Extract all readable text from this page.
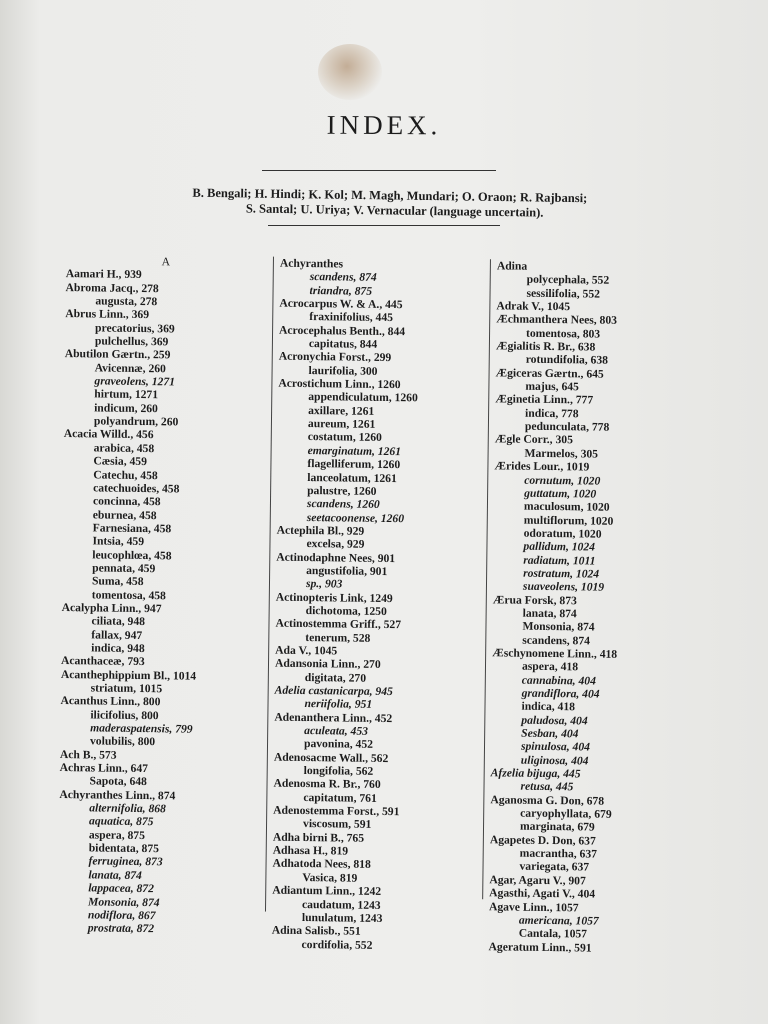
INDEX.
B. Bengali; H. Hindi; K. Kol; M. Magh, Mundari; O. Oraon; R. Rajbansi;
S. Santal; U. Uriya; V. Vernacular (language uncertain).
A
Aamari H., 939
Abroma Jacq., 278
augusta, 278
Abrus Linn., 369
precatorius, 369
pulchellus, 369
Abutilon Gærtn., 259
Avicennæ, 260
graveolens, 1271
hirtum, 1271
indicum, 260
polyandrum, 260
Acacia Willd., 456
arabica, 458
Cæsia, 459
Catechu, 458
catechuoides, 458
concinna, 458
eburnea, 458
Farnesiana, 458
Intsia, 459
leucophlœa, 458
pennata, 459
Suma, 458
tomentosa, 458
Acalypha Linn., 947
ciliata, 948
fallax, 947
indica, 948
Acanthaceæ, 793
Acanthephippium Bl., 1014
striatum, 1015
Acanthus Linn., 800
ilicifolius, 800
maderaspatensis, 799
volubilis, 800
Ach B., 573
Achras Linn., 647
Sapota, 648
Achyranthes Linn., 874
alternifolia, 868
aquatica, 875
aspera, 875
bidentata, 875
ferruginea, 873
lanata, 874
lappacea, 872
Monsonia, 874
nodiflora, 867
prostrata, 872
Achyranthes
scandens, 874
triandra, 875
Acrocarpus W. & A., 445
fraxinifolius, 445
Acrocephalus Benth., 844
capitatus, 844
Acronychia Forst., 299
laurifolia, 300
Acrostichum Linn., 1260
appendiculatum, 1260
axillare, 1261
aureum, 1261
costatum, 1260
emarginatum, 1261
flagelliferum, 1260
lanceolatum, 1261
palustre, 1260
scandens, 1260
seetacoonense, 1260
Actephila Bl., 929
excelsa, 929
Actinodaphne Nees, 901
angustifolia, 901
sp., 903
Actinopteris Link, 1249
dichotoma, 1250
Actinostemma Griff., 527
tenerum, 528
Ada V., 1045
Adansonia Linn., 270
digitata, 270
Adelia castanicarpa, 945
neriifolia, 951
Adenanthera Linn., 452
aculeata, 453
pavonina, 452
Adenosacme Wall., 562
longifolia, 562
Adenosma R. Br., 760
capitatum, 761
Adenostemma Forst., 591
viscosum, 591
Adha birni B., 765
Adhasa H., 819
Adhatoda Nees, 818
Vasica, 819
Adiantum Linn., 1242
caudatum, 1243
lunulatum, 1243
Adina Salisb., 551
cordifolia, 552
Adina
polycephala, 552
sessilifolia, 552
Adrak V., 1045
Æchmanthera Nees, 803
tomentosa, 803
Ægialitis R. Br., 638
rotundifolia, 638
Ægiceras Gærtn., 645
majus, 645
Æginetia Linn., 777
indica, 778
pedunculata, 778
Ægle Corr., 305
Marmelos, 305
Ærides Lour., 1019
cornutum, 1020
guttatum, 1020
maculosum, 1020
multiflorum, 1020
odoratum, 1020
pallidum, 1024
radiatum, 1011
rostratum, 1024
suaveolens, 1019
Ærua Forsk, 873
lanata, 874
Monsonia, 874
scandens, 874
Æschynomene Linn., 418
aspera, 418
cannabina, 404
grandiflora, 404
indica, 418
paludosa, 404
Sesban, 404
spinulosa, 404
uliginosa, 404
Afzelia bijuga, 445
retusa, 445
Aganosma G. Don, 678
caryophyllata, 679
marginata, 679
Agapetes D. Don, 637
macrantha, 637
variegata, 637
Agar, Agaru V., 907
Agasthi, Agati V., 404
Agave Linn., 1057
americana, 1057
Cantala, 1057
Ageratum Linn., 591
